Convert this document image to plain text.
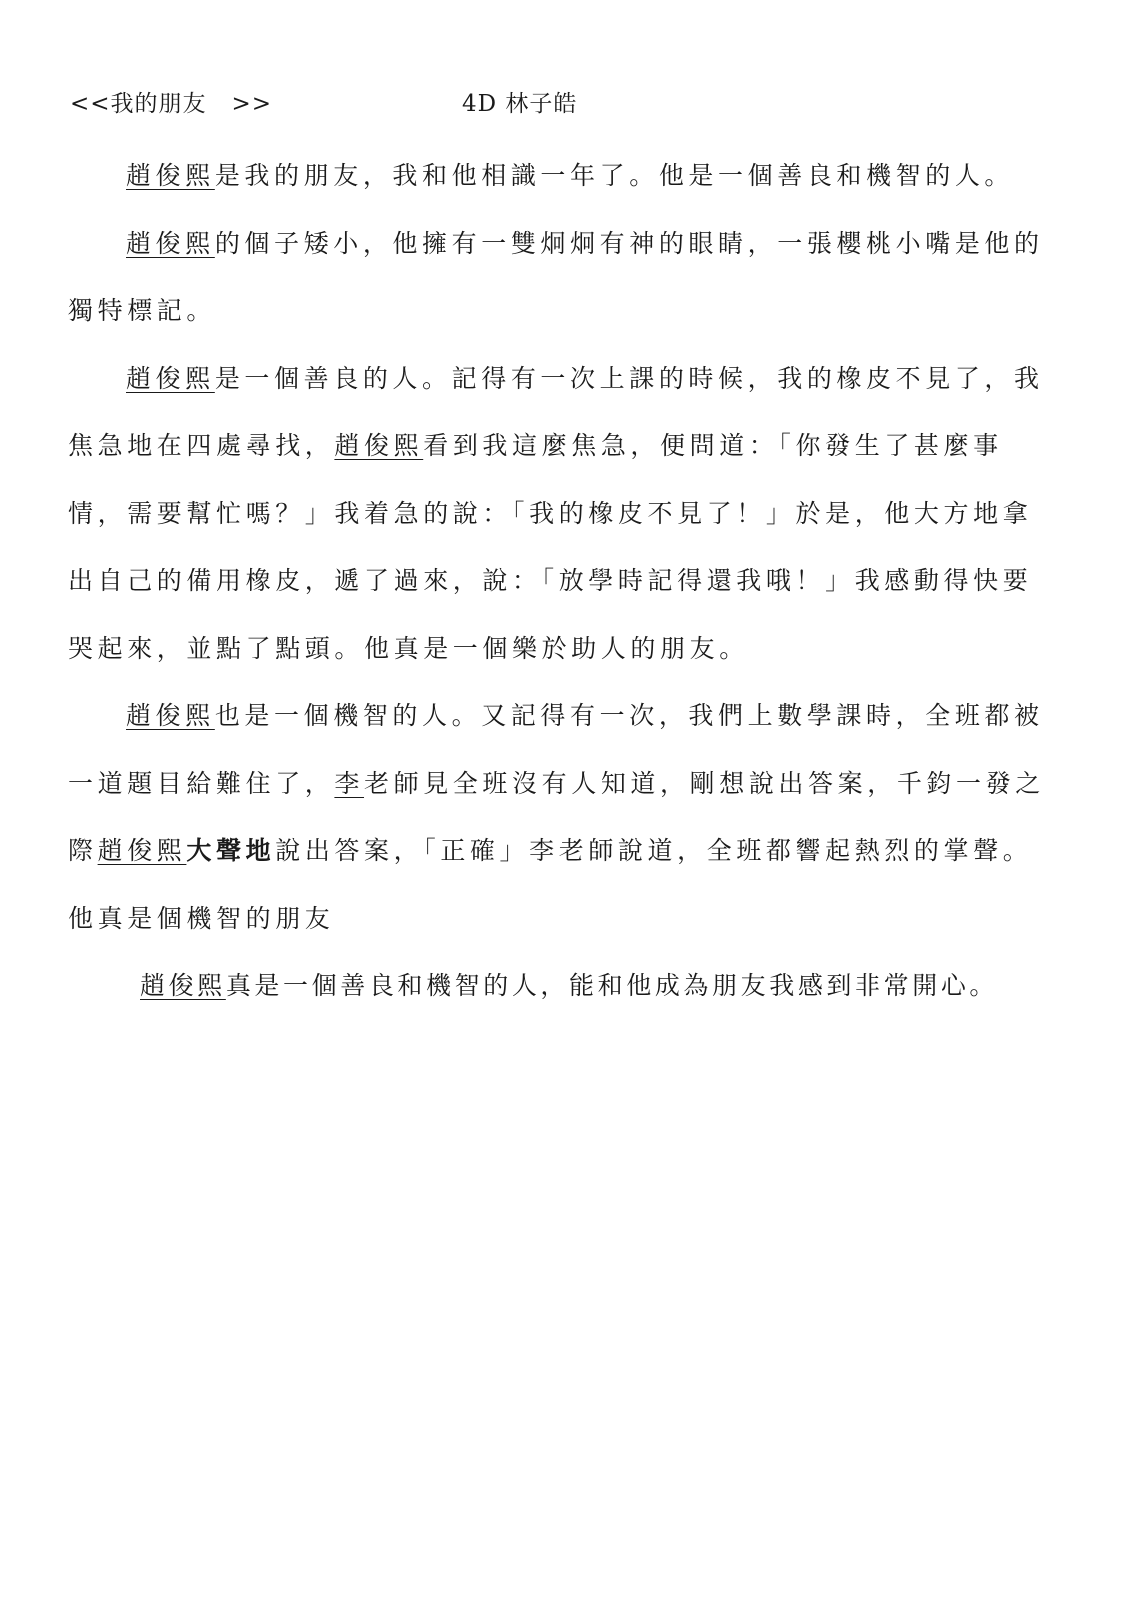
<<我的朋友   >>	4D 林子皓

趙俊熙是我的朋友，我和他相識一年了。他是一個善良和機智的人。

趙俊熙的個子矮小，他擁有一雙炯炯有神的眼睛，一張櫻桃小嘴是他的獨特標記。

趙俊熙是一個善良的人。記得有一次上課的時候，我的橡皮不見了，我焦急地在四處尋找，趙俊熙看到我這麼焦急，便問道：「你發生了甚麼事情，需要幫忙嗎？」我着急的說：「我的橡皮不見了！」於是，他大方地拿出自己的備用橡皮，遞了過來，說：「放學時記得還我哦！」我感動得快要哭起來，並點了點頭。他真是一個樂於助人的朋友。

趙俊熙也是一個機智的人。又記得有一次，我們上數學課時，全班都被一道題目給難住了，李老師見全班沒有人知道，剛想說出答案，千鈞一發之際趙俊熙大聲地說出答案，「正確」李老師說道，全班都響起熱烈的掌聲。他真是個機智的朋友

趙俊熙真是一個善良和機智的人，能和他成為朋友我感到非常開心。
